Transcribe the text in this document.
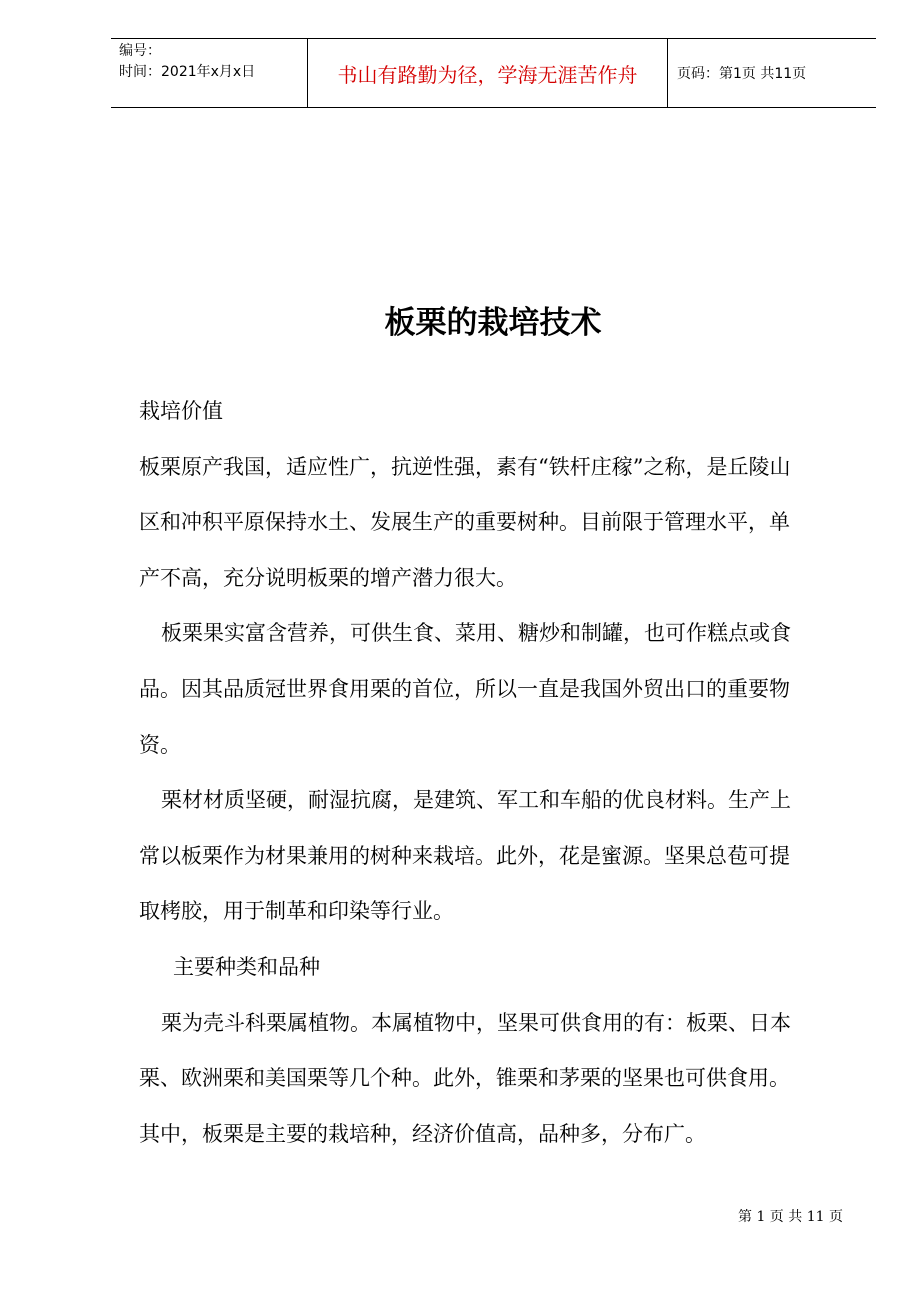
编号：
时间：2021年x月x日	书山有路勤为径，学海无涯苦作舟	页码：第1页 共11页
板栗的栽培技术

栽培价值

板栗原产我国，适应性广，抗逆性强，素有“铁杆庄稼”之称，是丘陵山
区和冲积平原保持水土、发展生产的重要树种。目前限于管理水平，单
产不高，充分说明板栗的增产潜力很大。

板栗果实富含营养，可供生食、菜用、糖炒和制罐，也可作糕点或食
品。因其品质冠世界食用栗的首位，所以一直是我国外贸出口的重要物
资。

栗材材质坚硬，耐湿抗腐，是建筑、军工和车船的优良材料。生产上
常以板栗作为材果兼用的树种来栽培。此外，花是蜜源。坚果总苞可提
取栲胶，用于制革和印染等行业。

主要种类和品种

栗为壳斗科栗属植物。本属植物中，坚果可供食用的有：板栗、日本
栗、欧洲栗和美国栗等几个种。此外，锥栗和茅栗的坚果也可供食用。
其中，板栗是主要的栽培种，经济价值高，品种多，分布广。

第 1 页 共 11 页
